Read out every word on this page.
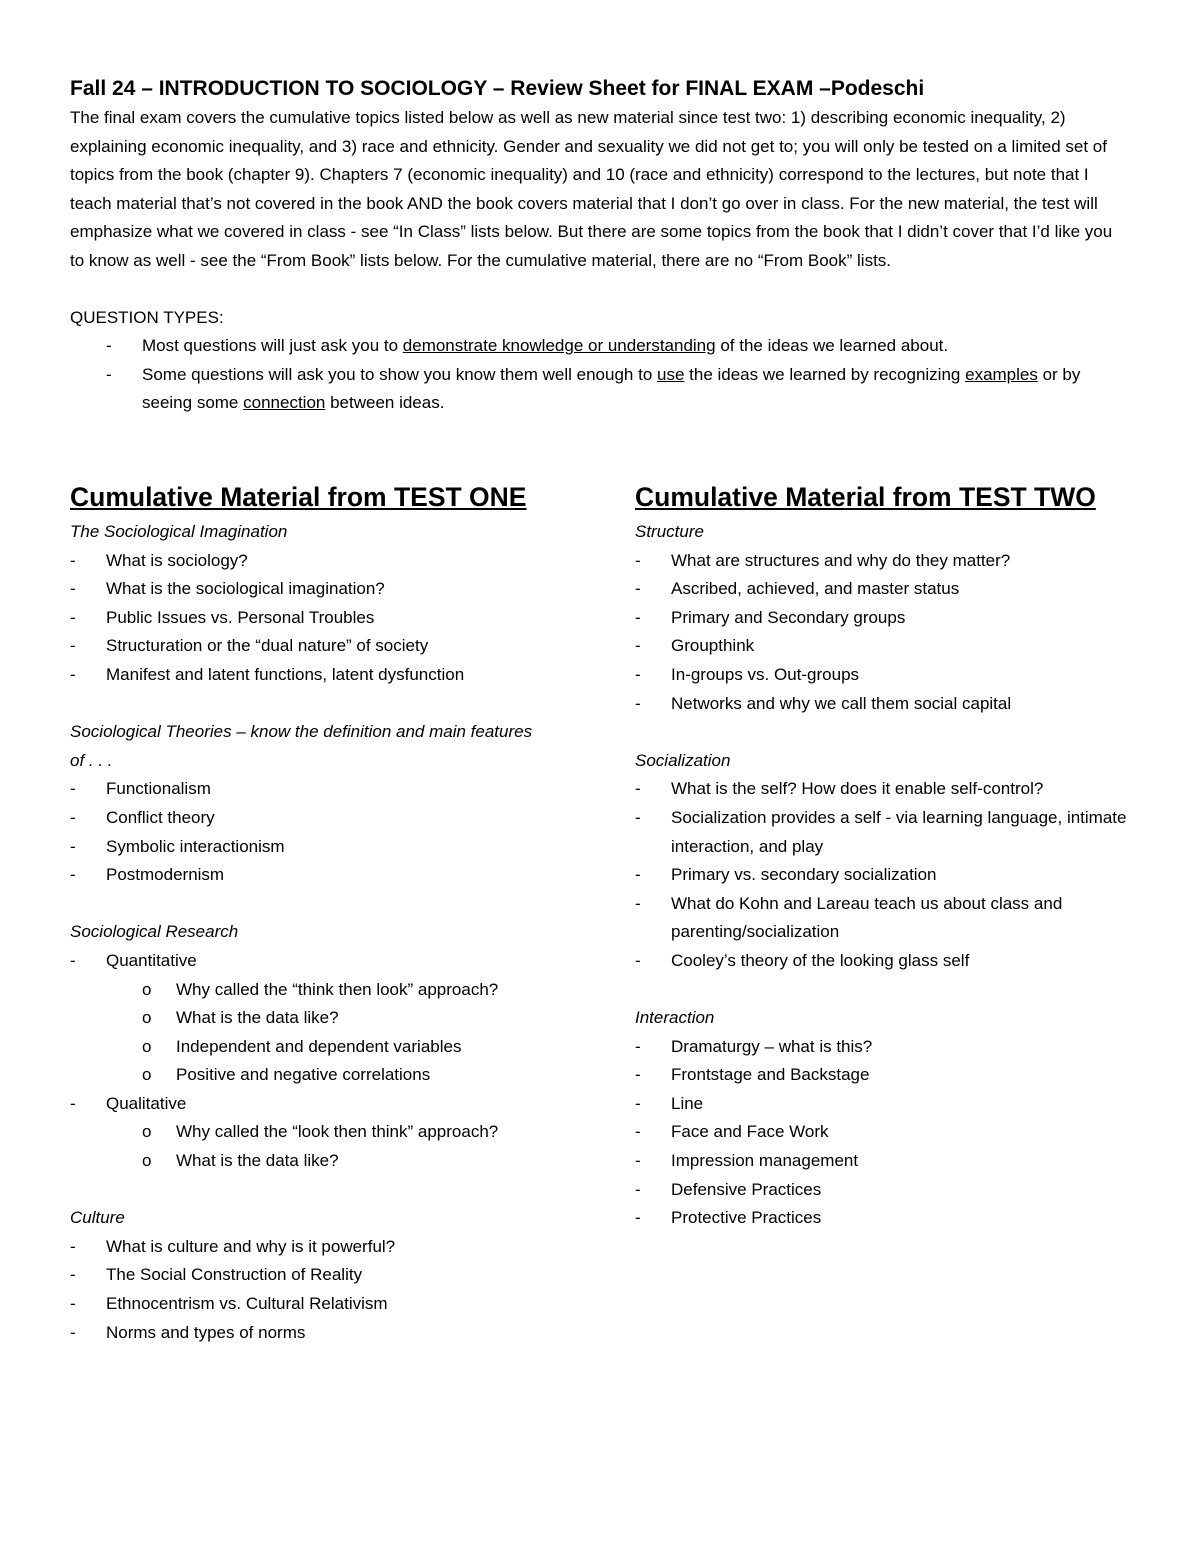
Fall 24 – INTRODUCTION TO SOCIOLOGY – Review Sheet for FINAL EXAM –Podeschi

The final exam covers the cumulative topics listed below as well as new material since test two: 1) describing economic inequality, 2) explaining economic inequality, and 3) race and ethnicity. Gender and sexuality we did not get to; you will only be tested on a limited set of topics from the book (chapter 9). Chapters 7 (economic inequality) and 10 (race and ethnicity) correspond to the lectures, but note that I teach material that’s not covered in the book AND the book covers material that I don’t go over in class. For the new material, the test will emphasize what we covered in class - see “In Class” lists below. But there are some topics from the book that I didn’t cover that I’d like you to know as well - see the “From Book” lists below. For the cumulative material, there are no “From Book” lists.

QUESTION TYPES:
- Most questions will just ask you to demonstrate knowledge or understanding of the ideas we learned about.
- Some questions will ask you to show you know them well enough to use the ideas we learned by recognizing examples or by seeing some connection between ideas.
Cumulative Material from TEST ONE
The Sociological Imagination
- What is sociology?
- What is the sociological imagination?
- Public Issues vs. Personal Troubles
- Structuration or the “dual nature” of society
- Manifest and latent functions, latent dysfunction
Sociological Theories – know the definition and main features of . . .
- Functionalism
- Conflict theory
- Symbolic interactionism
- Postmodernism
Sociological Research
- Quantitative
o Why called the “think then look” approach?
o What is the data like?
o Independent and dependent variables
o Positive and negative correlations
- Qualitative
o Why called the “look then think” approach?
o What is the data like?
Culture
- What is culture and why is it powerful?
- The Social Construction of Reality
- Ethnocentrism vs. Cultural Relativism
- Norms and types of norms
Cumulative Material from TEST TWO
Structure
- What are structures and why do they matter?
- Ascribed, achieved, and master status
- Primary and Secondary groups
- Groupthink
- In-groups vs. Out-groups
- Networks and why we call them social capital
Socialization
- What is the self? How does it enable self-control?
- Socialization provides a self - via learning language, intimate interaction, and play
- Primary vs. secondary socialization
- What do Kohn and Lareau teach us about class and parenting/socialization
- Cooley’s theory of the looking glass self
Interaction
- Dramaturgy – what is this?
- Frontstage and Backstage
- Line
- Face and Face Work
- Impression management
- Defensive Practices
- Protective Practices
